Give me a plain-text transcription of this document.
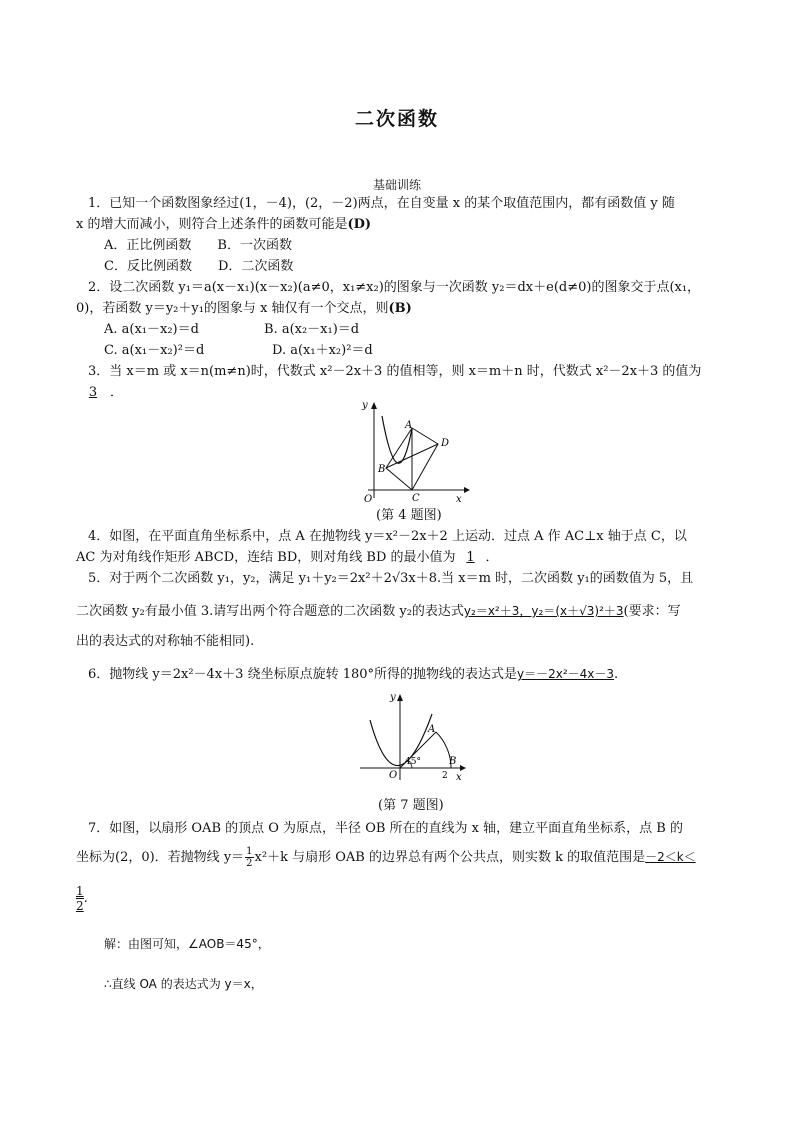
二次函数
基础训练
1．已知一个函数图象经过(1，－4)，(2，－2)两点，在自变量 x 的某个取值范围内，都有函数值 y 随
x 的增大而减小，则符合上述条件的函数可能是(D)
A．正比例函数　　B．一次函数
C．反比例函数　　D．二次函数
2．设二次函数 y₁＝a(x－x₁)(x－x₂)(a≠0，x₁≠x₂)的图象与一次函数 y₂＝dx＋e(d≠0)的图象交于点(x₁，
0)，若函数 y＝y₂＋y₁的图象与 x 轴仅有一个交点，则(B)
A. a(x₁－x₂)＝d	B. a(x₂－x₁)＝d
C. a(x₁－x₂)²＝d	D. a(x₁＋x₂)²＝d
3．当 x＝m 或 x＝n(m≠n)时，代数式 x²－2x＋3 的值相等，则 x＝m＋n 时，代数式 x²－2x＋3 的值为
3 ．
y
x
O
A
B
C
D
(第 4 题图)
4．如图，在平面直角坐标系中，点 A 在抛物线 y＝x²－2x＋2 上运动．过点 A 作 AC⊥x 轴于点 C，以
AC 为对角线作矩形 ABCD，连结 BD，则对角线 BD 的最小值为 1 ．
5．对于两个二次函数 y₁，y₂，满足 y₁＋y₂＝2x²＋2√3x＋8.当 x＝m 时，二次函数 y₁的函数值为 5，且
二次函数 y₂有最小值 3.请写出两个符合题意的二次函数 y₂的表达式y₂＝x²＋3，y₂＝(x＋√3)²＋3(要求：写
出的表达式的对称轴不能相同).
6．抛物线 y＝2x²－4x＋3 绕坐标原点旋转 180°所得的抛物线的表达式是y＝－2x²－4x－3.
y
x
O
A
B
2
45°
(第 7 题图)
7．如图，以扇形 OAB 的顶点 O 为原点，半径 OB 所在的直线为 x 轴，建立平面直角坐标系，点 B 的
坐标为(2，0)．若抛物线 $y= \frac{1}{2} x^2+k$ 与扇形 OAB 的边界总有两个公共点，则实数 k 的取值范围是－2＜k＜
$\frac{1}{2}$ .
解：由图可知，∠AOB＝45°，
∴直线 OA 的表达式为 y＝x，
